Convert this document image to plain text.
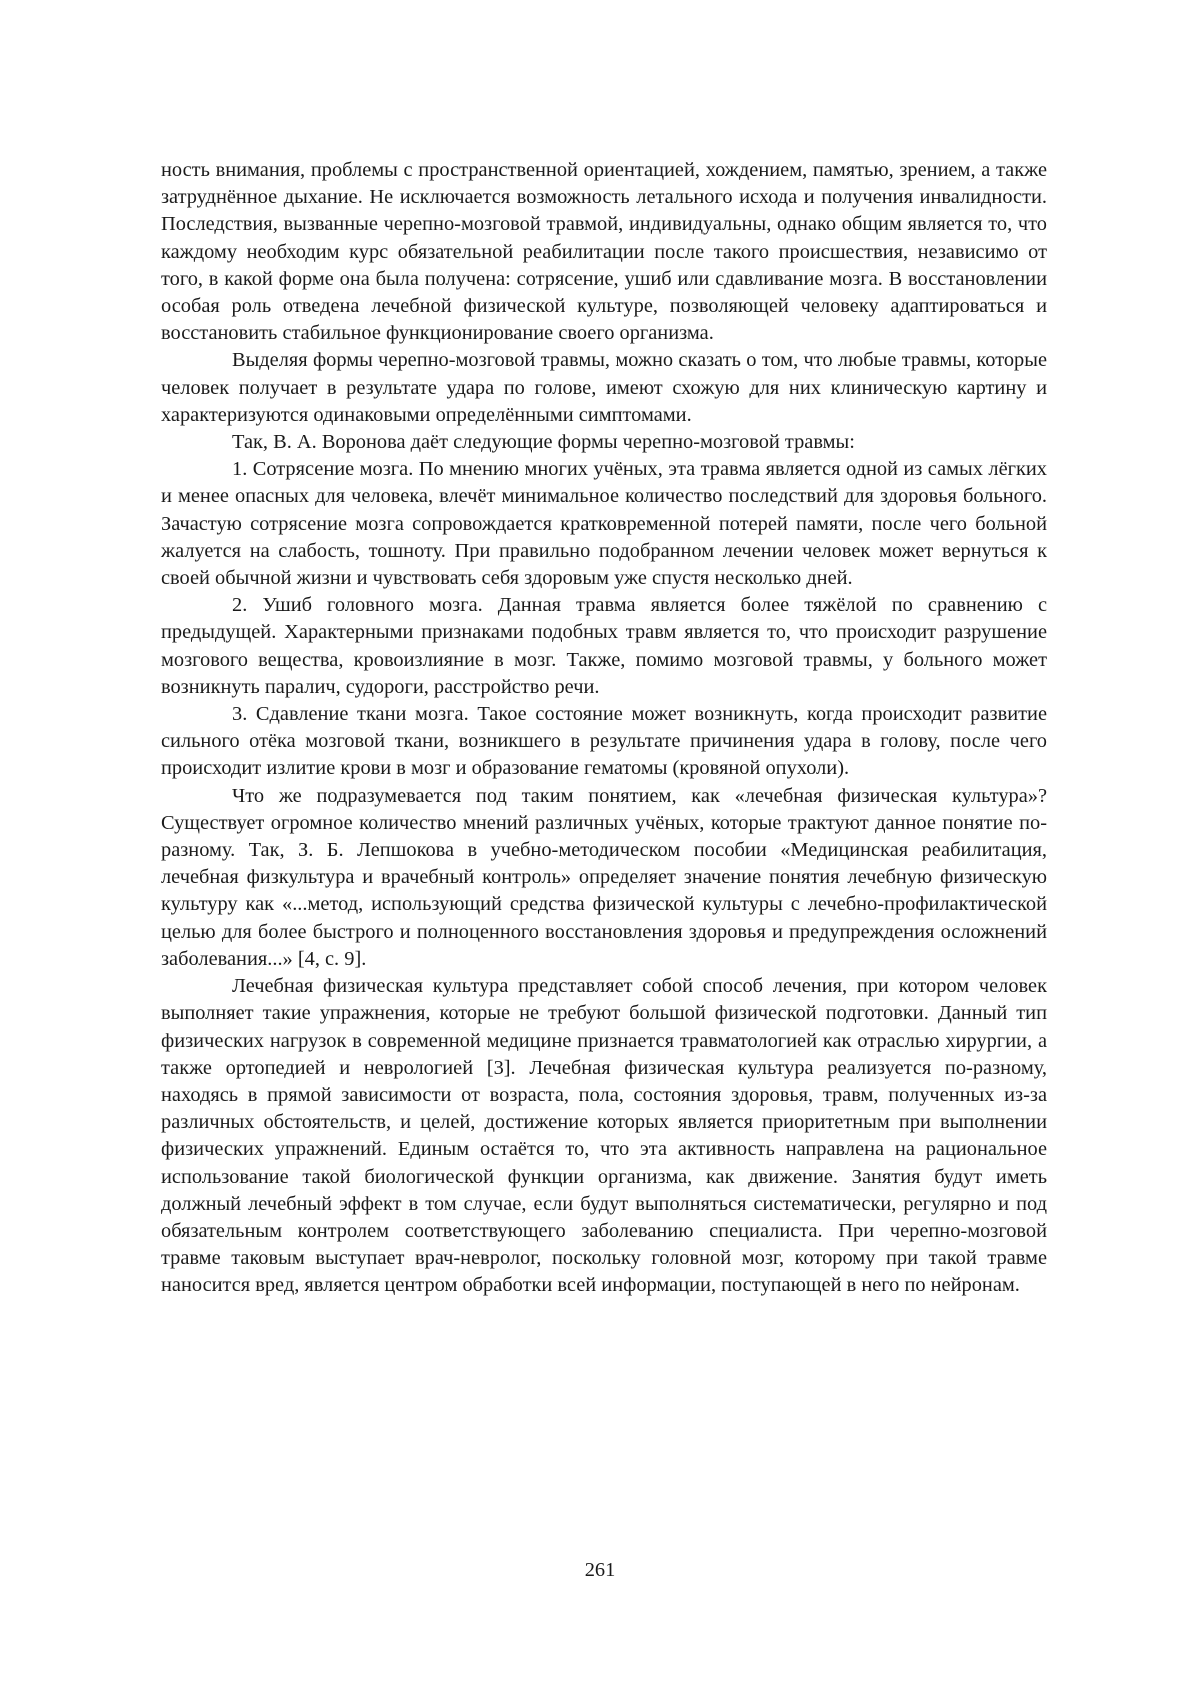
ность внимания, проблемы с пространственной ориентацией, хождением, памятью, зрением, а также затруднённое дыхание. Не исключается возможность летального исхода и получения инвалидности. Последствия, вызванные черепно-мозговой травмой, индивидуальны, однако общим является то, что каждому необходим курс обязательной реабилитации после такого происшествия, независимо от того, в какой форме она была получена: сотрясение, ушиб или сдавливание мозга. В восстановлении особая роль отведена лечебной физической культуре, позволяющей человеку адаптироваться и восстановить стабильное функционирование своего организма.

Выделяя формы черепно-мозговой травмы, можно сказать о том, что любые травмы, которые человек получает в результате удара по голове, имеют схожую для них клиническую картину и характеризуются одинаковыми определёнными симптомами.

Так, В. А. Воронова даёт следующие формы черепно-мозговой травмы:

1. Сотрясение мозга. По мнению многих учёных, эта травма является одной из самых лёгких и менее опасных для человека, влечёт минимальное количество последствий для здоровья больного. Зачастую сотрясение мозга сопровождается кратковременной потерей памяти, после чего больной жалуется на слабость, тошноту. При правильно подобранном лечении человек может вернуться к своей обычной жизни и чувствовать себя здоровым уже спустя несколько дней.

2. Ушиб головного мозга. Данная травма является более тяжёлой по сравнению с предыдущей. Характерными признаками подобных травм является то, что происходит разрушение мозгового вещества, кровоизлияние в мозг. Также, помимо мозговой травмы, у больного может возникнуть паралич, судороги, расстройство речи.

3. Сдавление ткани мозга. Такое состояние может возникнуть, когда происходит развитие сильного отёка мозговой ткани, возникшего в результате причинения удара в голову, после чего происходит излитие крови в мозг и образование гематомы (кровяной опухоли).

Что же подразумевается под таким понятием, как «лечебная физическая культура»? Существует огромное количество мнений различных учёных, которые трактуют данное понятие по-разному. Так, З. Б. Лепшокова в учебно-методическом пособии «Медицинская реабилитация, лечебная физкультура и врачебный контроль» определяет значение понятия лечебную физическую культуру как «...метод, использующий средства физической культуры с лечебно-профилактической целью для более быстрого и полноценного восстановления здоровья и предупреждения осложнений заболевания...» [4, с. 9].

Лечебная физическая культура представляет собой способ лечения, при котором человек выполняет такие упражнения, которые не требуют большой физической подготовки. Данный тип физических нагрузок в современной медицине признается травматологией как отраслью хирургии, а также ортопедией и неврологией [3]. Лечебная физическая культура реализуется по-разному, находясь в прямой зависимости от возраста, пола, состояния здоровья, травм, полученных из-за различных обстоятельств, и целей, достижение которых является приоритетным при выполнении физических упражнений. Единым остаётся то, что эта активность направлена на рациональное использование такой биологической функции организма, как движение. Занятия будут иметь должный лечебный эффект в том случае, если будут выполняться систематически, регулярно и под обязательным контролем соответствующего заболеванию специалиста. При черепно-мозговой травме таковым выступает врач-невролог, поскольку головной мозг, которому при такой травме наносится вред, является центром обработки всей информации, поступающей в него по нейронам.

261
